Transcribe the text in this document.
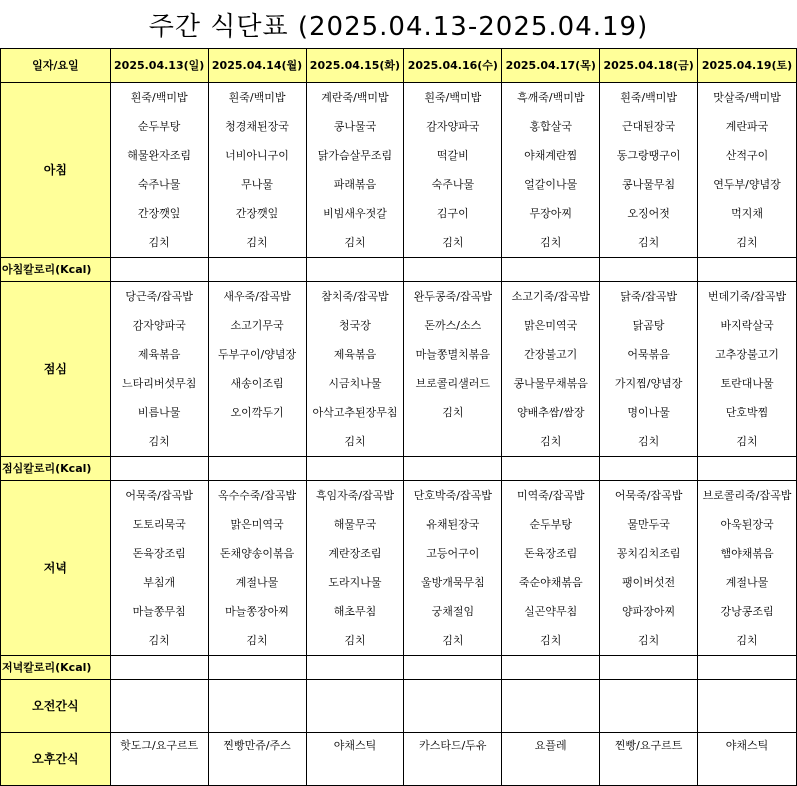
주간 식단표 (2025.04.13-2025.04.19)
일자/요일	2025.04.13(일)	2025.04.14(월)	2025.04.15(화)	2025.04.16(수)	2025.04.17(목)	2025.04.18(금)	2025.04.19(토)
아침	흰죽/백미밥	흰죽/백미밥	계란죽/백미밥	흰죽/백미밥	흑깨죽/백미밥	흰죽/백미밥	맛살죽/백미밥
	순두부탕	청경채된장국	콩나물국	감자양파국	홍합살국	근대된장국	계란파국
	해물완자조림	너비아니구이	닭가슴살무조림	떡갈비	야채계란찜	동그랑땡구이	산적구이
	숙주나물	무나물	파래볶음	숙주나물	얼갈이나물	콩나물무침	연두부/양념장
	간장깻잎	간장깻잎	비빔새우젓갈	김구이	무장아찌	오징어젓	먹지채
	김치	김치	김치	김치	김치	김치	김치
아침칼로리(Kcal)							
점심	당근죽/잡곡밥	새우죽/잡곡밥	참치죽/잡곡밥	완두콩죽/잡곡밥	소고기죽/잡곡밥	닭죽/잡곡밥	번데기죽/잡곡밥
	감자양파국	소고기무국	청국장	돈까스/소스	맑은미역국	닭곰탕	바지락살국
	제육볶음	두부구이/양념장	제육볶음	마늘쫑멸치볶음	간장불고기	어묵볶음	고추장불고기
	느타리버섯무침	새송이조림	시금치나물	브로콜리샐러드	콩나물무채볶음	가지찜/양념장	토란대나물
	비름나물	오이깍두기	아삭고추된장무침	김치	양배추쌈/쌈장	명이나물	단호박찜
	김치		김치		김치	김치	김치
점심칼로리(Kcal)							
저녁	어묵죽/잡곡밥	옥수수죽/잡곡밥	흑임자죽/잡곡밥	단호박죽/잡곡밥	미역죽/잡곡밥	어묵죽/잡곡밥	브로콜리죽/잡곡밥
	도토리묵국	맑은미역국	해물무국	유채된장국	순두부탕	물만두국	아욱된장국
	돈육장조림	돈채양송이볶음	계란장조림	고등어구이	돈육장조림	꽁치김치조림	햄야채볶음
	부침개	계절나물	도라지나물	울방개묵무침	죽순야채볶음	팽이버섯전	계절나물
	마늘쫑무침	마늘쫑장아찌	해초무침	궁채절임	실곤약무침	양파장아찌	강낭콩조림
	김치	김치	김치	김치	김치	김치	김치
저녁칼로리(Kcal)							
오전간식							
오후간식	핫도그/요구르트	찐빵만쥬/주스	야채스틱	카스타드/두유	요플레	찐빵/요구르트	야채스틱
